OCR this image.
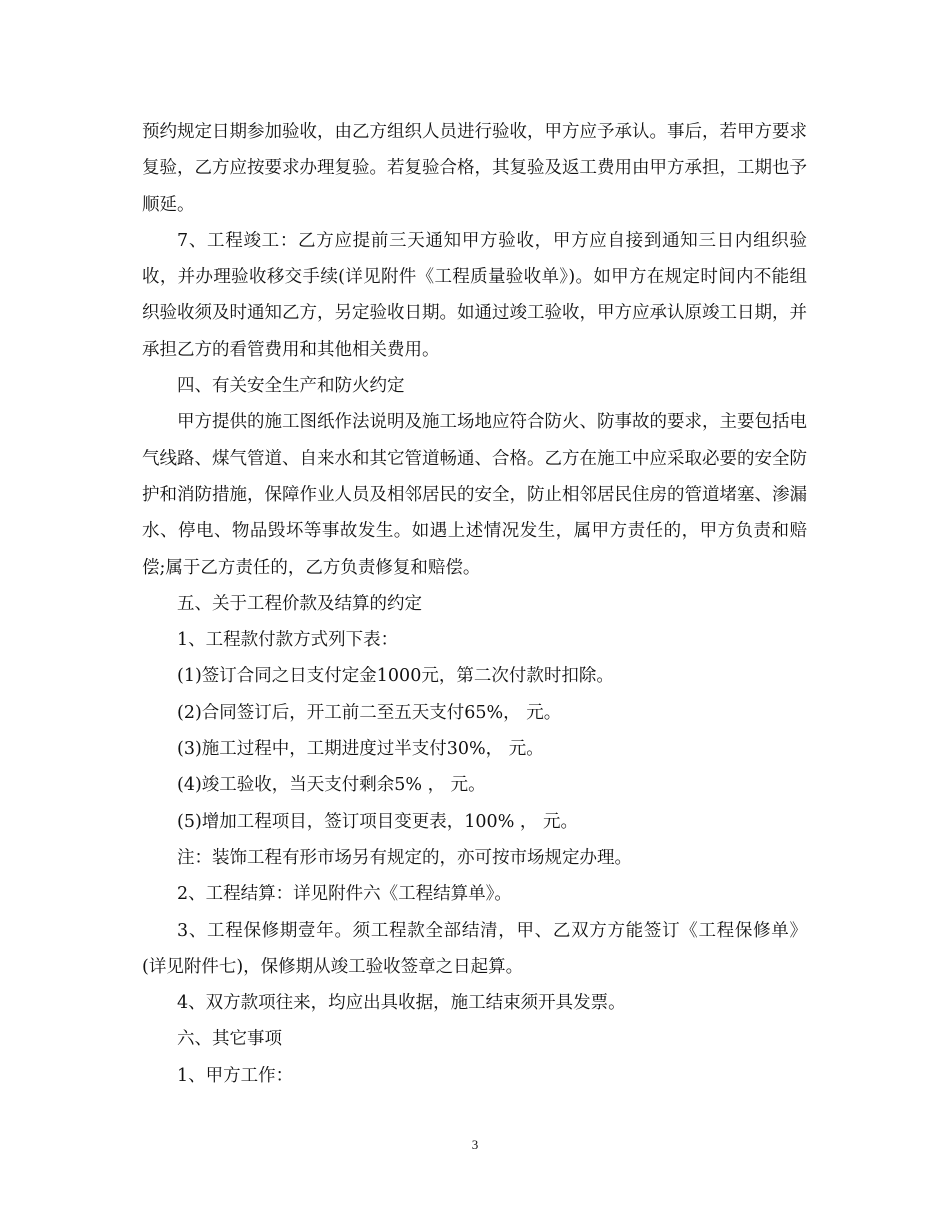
预约规定日期参加验收，由乙方组织人员进行验收，甲方应予承认。事后，若甲方要求复验，乙方应按要求办理复验。若复验合格，其复验及返工费用由甲方承担，工期也予顺延。

7、工程竣工：乙方应提前三天通知甲方验收，甲方应自接到通知三日内组织验收，并办理验收移交手续(详见附件《工程质量验收单》)。如甲方在规定时间内不能组织验收须及时通知乙方，另定验收日期。如通过竣工验收，甲方应承认原竣工日期，并承担乙方的看管费用和其他相关费用。

四、有关安全生产和防火约定

甲方提供的施工图纸作法说明及施工场地应符合防火、防事故的要求，主要包括电气线路、煤气管道、自来水和其它管道畅通、合格。乙方在施工中应采取必要的安全防护和消防措施，保障作业人员及相邻居民的安全，防止相邻居民住房的管道堵塞、渗漏水、停电、物品毁坏等事故发生。如遇上述情况发生，属甲方责任的，甲方负责和赔偿;属于乙方责任的，乙方负责修复和赔偿。

五、关于工程价款及结算的约定

1、工程款付款方式列下表：

(1)签订合同之日支付定金1000元，第二次付款时扣除。

(2)合同签订后，开工前二至五天支付65%， 元。

(3)施工过程中，工期进度过半支付30%， 元。

(4)竣工验收，当天支付剩余5% ， 元。

(5)增加工程项目，签订项目变更表，100% ， 元。

注：装饰工程有形市场另有规定的，亦可按市场规定办理。

2、工程结算：详见附件六《工程结算单》。

3、工程保修期壹年。须工程款全部结清，甲、乙双方方能签订《工程保修单》(详见附件七)，保修期从竣工验收签章之日起算。

4、双方款项往来，均应出具收据，施工结束须开具发票。

六、其它事项

1、甲方工作：

3
